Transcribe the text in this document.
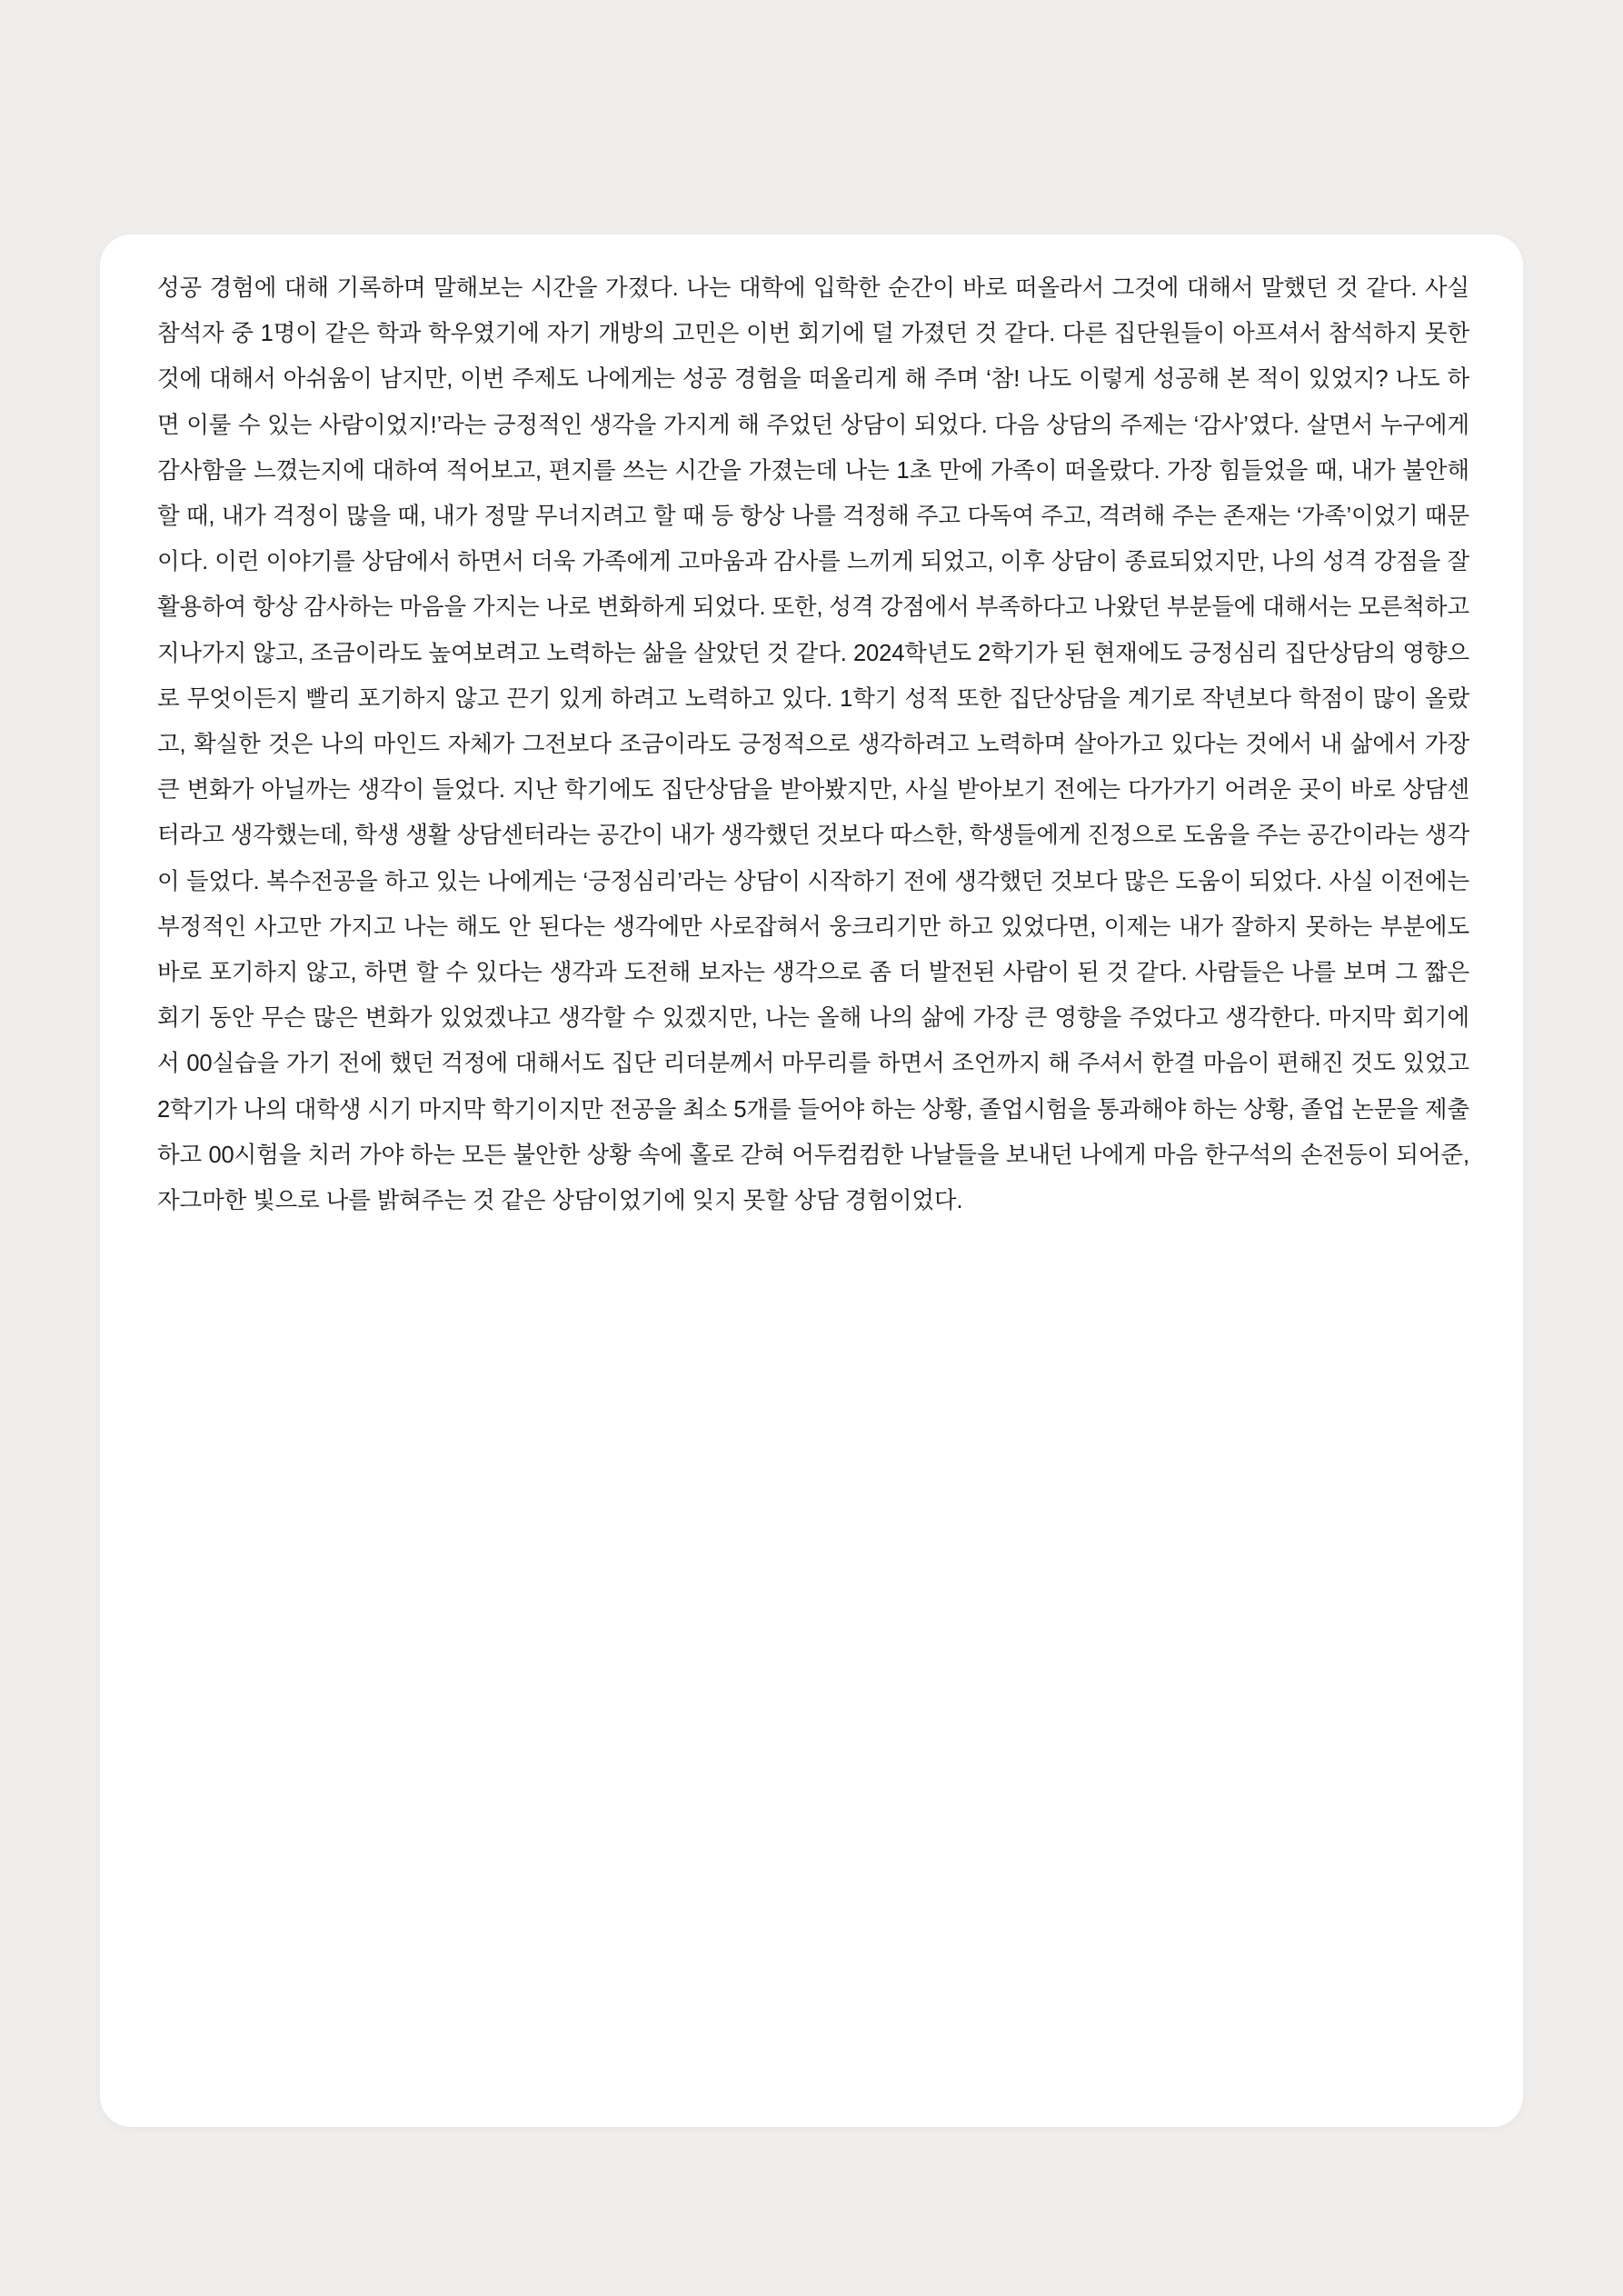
성공 경험에 대해 기록하며 말해보는 시간을 가졌다. 나는 대학에 입학한 순간이 바로 떠올라서 그것에 대해서 말했던 것 같다. 사실 참석자 중 1명이 같은 학과 학우였기에 자기 개방의 고민은 이번 회기에 덜 가졌던 것 같다. 다른 집단원들이 아프셔서 참석하지 못한 것에 대해서 아쉬움이 남지만, 이번 주제도 나에게는 성공 경험을 떠올리게 해 주며 ‘참! 나도 이렇게 성공해 본 적이 있었지? 나도 하면 이룰 수 있는 사람이었지!’라는 긍정적인 생각을 가지게 해 주었던 상담이 되었다. 다음 상담의 주제는 ‘감사’였다. 살면서 누구에게 감사함을 느꼈는지에 대하여 적어보고, 편지를 쓰는 시간을 가졌는데 나는 1초 만에 가족이 떠올랐다. 가장 힘들었을 때, 내가 불안해할 때, 내가 걱정이 많을 때, 내가 정말 무너지려고 할 때 등 항상 나를 걱정해 주고 다독여 주고, 격려해 주는 존재는 ‘가족’이었기 때문이다. 이런 이야기를 상담에서 하면서 더욱 가족에게 고마움과 감사를 느끼게 되었고, 이후 상담이 종료되었지만, 나의 성격 강점을 잘 활용하여 항상 감사하는 마음을 가지는 나로 변화하게 되었다. 또한, 성격 강점에서 부족하다고 나왔던 부분들에 대해서는 모른척하고 지나가지 않고, 조금이라도 높여보려고 노력하는 삶을 살았던 것 같다. 2024학년도 2학기가 된 현재에도 긍정심리 집단상담의 영향으로 무엇이든지 빨리 포기하지 않고 끈기 있게 하려고 노력하고 있다. 1학기 성적 또한 집단상담을 계기로 작년보다 학점이 많이 올랐고, 확실한 것은 나의 마인드 자체가 그전보다 조금이라도 긍정적으로 생각하려고 노력하며 살아가고 있다는 것에서 내 삶에서 가장 큰 변화가 아닐까는 생각이 들었다. 지난 학기에도 집단상담을 받아봤지만, 사실 받아보기 전에는 다가가기 어려운 곳이 바로 상담센터라고 생각했는데, 학생 생활 상담센터라는 공간이 내가 생각했던 것보다 따스한, 학생들에게 진정으로 도움을 주는 공간이라는 생각이 들었다. 복수전공을 하고 있는 나에게는 ‘긍정심리’라는 상담이 시작하기 전에 생각했던 것보다 많은 도움이 되었다. 사실 이전에는 부정적인 사고만 가지고 나는 해도 안 된다는 생각에만 사로잡혀서 웅크리기만 하고 있었다면, 이제는 내가 잘하지 못하는 부분에도 바로 포기하지 않고, 하면 할 수 있다는 생각과 도전해 보자는 생각으로 좀 더 발전된 사람이 된 것 같다. 사람들은 나를 보며 그 짧은 회기 동안 무슨 많은 변화가 있었겠냐고 생각할 수 있겠지만, 나는 올해 나의 삶에 가장 큰 영향을 주었다고 생각한다. 마지막 회기에서 00실습을 가기 전에 했던 걱정에 대해서도 집단 리더분께서 마무리를 하면서 조언까지 해 주셔서 한결 마음이 편해진 것도 있었고 2학기가 나의 대학생 시기 마지막 학기이지만 전공을 최소 5개를 들어야 하는 상황, 졸업시험을 통과해야 하는 상황, 졸업 논문을 제출하고 00시험을 치러 가야 하는 모든 불안한 상황 속에 홀로 갇혀 어두컴컴한 나날들을 보내던 나에게 마음 한구석의 손전등이 되어준, 자그마한 빛으로 나를 밝혀주는 것 같은 상담이었기에 잊지 못할 상담 경험이었다.
